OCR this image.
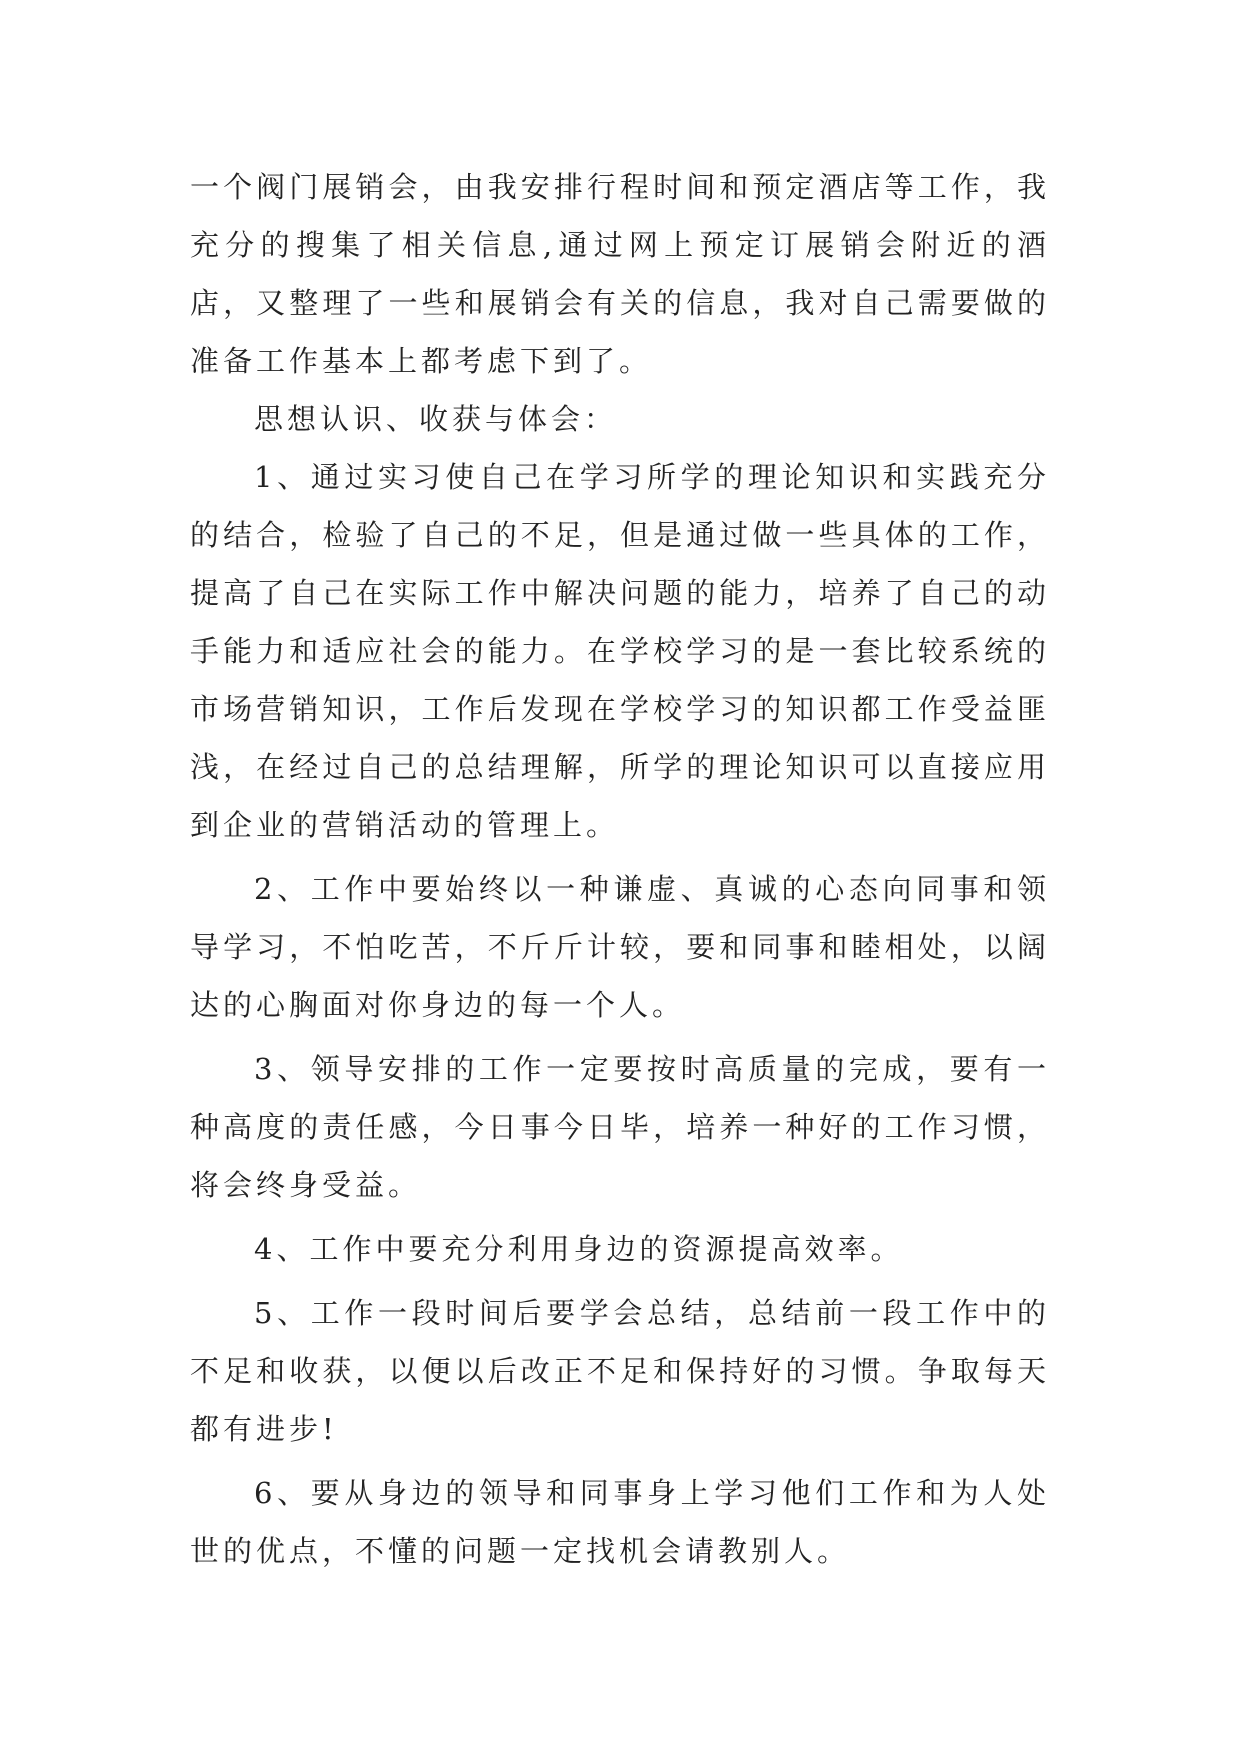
一个阀门展销会，由我安排行程时间和预定酒店等工作，我充分的搜集了相关信息,通过网上预定订展销会附近的酒店，又整理了一些和展销会有关的信息，我对自己需要做的准备工作基本上都考虑下到了。

思想认识、收获与体会：

1、通过实习使自己在学习所学的理论知识和实践充分的结合，检验了自己的不足，但是通过做一些具体的工作，提高了自己在实际工作中解决问题的能力，培养了自己的动手能力和适应社会的能力。在学校学习的是一套比较系统的市场营销知识，工作后发现在学校学习的知识都工作受益匪浅，在经过自己的总结理解，所学的理论知识可以直接应用到企业的营销活动的管理上。

2、工作中要始终以一种谦虚、真诚的心态向同事和领导学习，不怕吃苦，不斤斤计较，要和同事和睦相处，以阔达的心胸面对你身边的每一个人。

3、领导安排的工作一定要按时高质量的完成，要有一种高度的责任感，今日事今日毕，培养一种好的工作习惯，将会终身受益。

4、工作中要充分利用身边的资源提高效率。

5、工作一段时间后要学会总结，总结前一段工作中的不足和收获，以便以后改正不足和保持好的习惯。争取每天都有进步!

6、要从身边的领导和同事身上学习他们工作和为人处世的优点，不懂的问题一定找机会请教别人。
